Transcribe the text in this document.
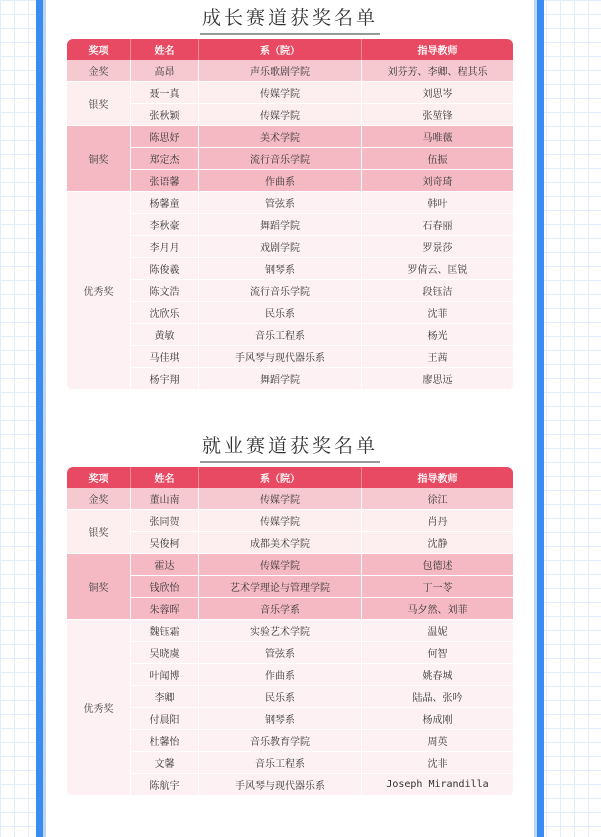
成长赛道获奖名单
奖项	姓名	系（院）	指导教师
金奖	高昂	声乐歌剧学院	刘芬芳、李卿、程其乐
银奖	聂一真	传媒学院	刘思岑
	张秋颖	传媒学院	张堃锋
铜奖	陈思妤	美术学院	马唯薇
	郑定杰	流行音乐学院	伍振
	张语馨	作曲系	刘奇琦
优秀奖	杨馨童	管弦系	韩叶
	李秋豪	舞蹈学院	石春丽
	李月月	戏剧学院	罗景莎
	陈俊羲	钢琴系	罗倩云、匡锐
	陈文浩	流行音乐学院	段钰洁
	沈欣乐	民乐系	沈菲
	黄敏	音乐工程系	杨光
	马佳琪	手风琴与现代器乐系	王茜
	杨宇翔	舞蹈学院	廖思远
就业赛道获奖名单
奖项	姓名	系（院）	指导教师
金奖	董山南	传媒学院	徐江
银奖	张同贺	传媒学院	肖丹
	吴俊柯	成都美术学院	沈静
铜奖	霍达	传媒学院	包德述
	钱欣怡	艺术学理论与管理学院	丁一苓
	朱蓉晖	音乐学系	马夕然、刘菲
优秀奖	魏钰霜	实验艺术学院	温妮
	吴晓虞	管弦系	何智
	叶闻博	作曲系	姚春城
	李卿	民乐系	陆晶、张吟
	付晨阳	钢琴系	杨成刚
	杜馨怡	音乐教育学院	周英
	文馨	音乐工程系	沈非
	陈航宇	手风琴与现代器乐系	Joseph Mirandilla
